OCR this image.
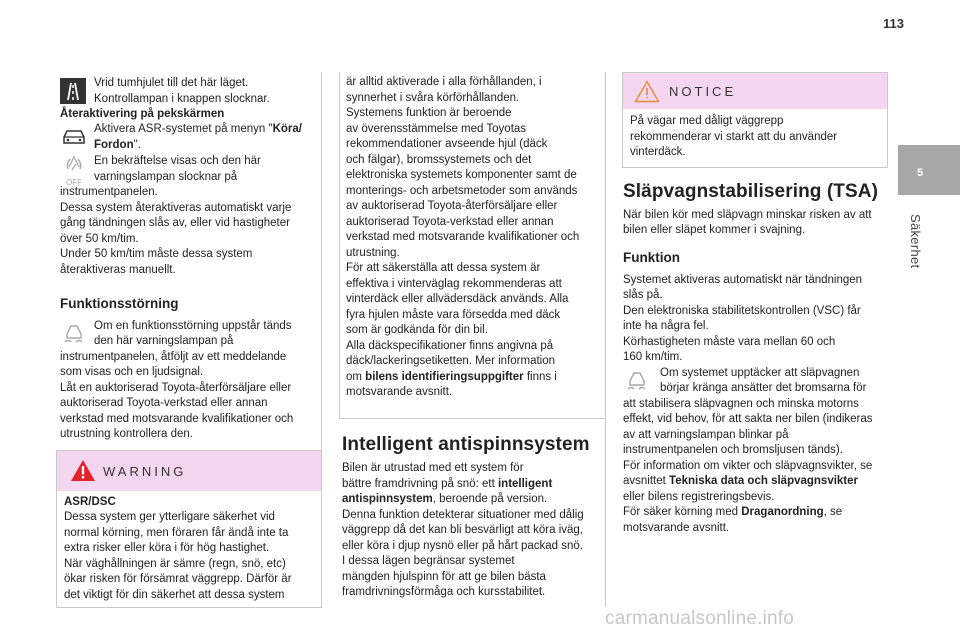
113
5
Säkerhet
Vrid tumhjulet till det här läget.
Kontrollampan i knappen slocknar.
Återaktivering på pekskärmen
Aktivera ASR-systemet på menyn "Köra/
Fordon".
OFF
En bekräftelse visas och den här
varningslampan slocknar på
instrumentpanelen.
Dessa system återaktiveras automatiskt varje
gång tändningen slås av, eller vid hastigheter
över 50 km/tim.
Under 50 km/tim måste dessa system
återaktiveras manuellt.
Funktionsstörning
Om en funktionsstörning uppstår tänds
den här varningslampan på
instrumentpanelen, åtföljt av ett meddelande
som visas och en ljudsignal.
Låt en auktoriserad Toyota-återförsäljare eller
auktoriserad Toyota-verkstad eller annan
verkstad med motsvarande kvalifikationer och
utrustning kontrollera den.
WARNING
ASR/DSC
Dessa system ger ytterligare säkerhet vid
normal körning, men föraren får ändå inte ta
extra risker eller köra i för hög hastighet.
När väghållningen är sämre (regn, snö, etc)
ökar risken för försämrat väggrepp. Därför är
det viktigt för din säkerhet att dessa system
är alltid aktiverade i alla förhållanden, i
synnerhet i svåra körförhållanden.
Systemens funktion är beroende
av överensstämmelse med Toyotas
rekommendationer avseende hjul (däck
och fälgar), bromssystemets och det
elektroniska systemets komponenter samt de
monterings- och arbetsmetoder som används
av auktoriserad Toyota-återförsäljare eller
auktoriserad Toyota-verkstad eller annan
verkstad med motsvarande kvalifikationer och
utrustning.
För att säkerställa att dessa system är
effektiva i vinterväglag rekommenderas att
vinterdäck eller allvädersdäck används. Alla
fyra hjulen måste vara försedda med däck
som är godkända för din bil.
Alla däckspecifikationer finns angivna på
däck/lackeringsetiketten. Mer information
om bilens identifieringsuppgifter finns i
motsvarande avsnitt.
Intelligent antispinnsystem
Bilen är utrustad med ett system för
bättre framdrivning på snö: ett intelligent
antispinnsystem, beroende på version.
Denna funktion detekterar situationer med dålig
väggrepp då det kan bli besvärligt att köra iväg,
eller köra i djup nysnö eller på hårt packad snö.
I dessa lägen begränsar systemet
mängden hjulspinn för att ge bilen bästa
framdrivningsförmåga och kursstabilitet.
NOTICE
På vägar med dåligt väggrepp
rekommenderar vi starkt att du använder
vinterdäck.
Släpvagnstabilisering (TSA)
När bilen kör med släpvagn minskar risken av att
bilen eller släpet kommer i svajning.
Funktion
Systemet aktiveras automatiskt när tändningen
slås på.
Den elektroniska stabilitetskontrollen (VSC) får
inte ha några fel.
Körhastigheten måste vara mellan 60 och
160 km/tim.
Om systemet upptäcker att släpvagnen
börjar kränga ansätter det bromsarna för
att stabilisera släpvagnen och minska motorns
effekt, vid behov, för att sakta ner bilen (indikeras
av att varningslampan blinkar på
instrumentpanelen och bromsljusen tänds).
För information om vikter och släpvagnsvikter, se
avsnittet Tekniska data och släpvagnsvikter
eller bilens registreringsbevis.
För säker körning med Draganordning, se
motsvarande avsnitt.
carmanualsonline.info
